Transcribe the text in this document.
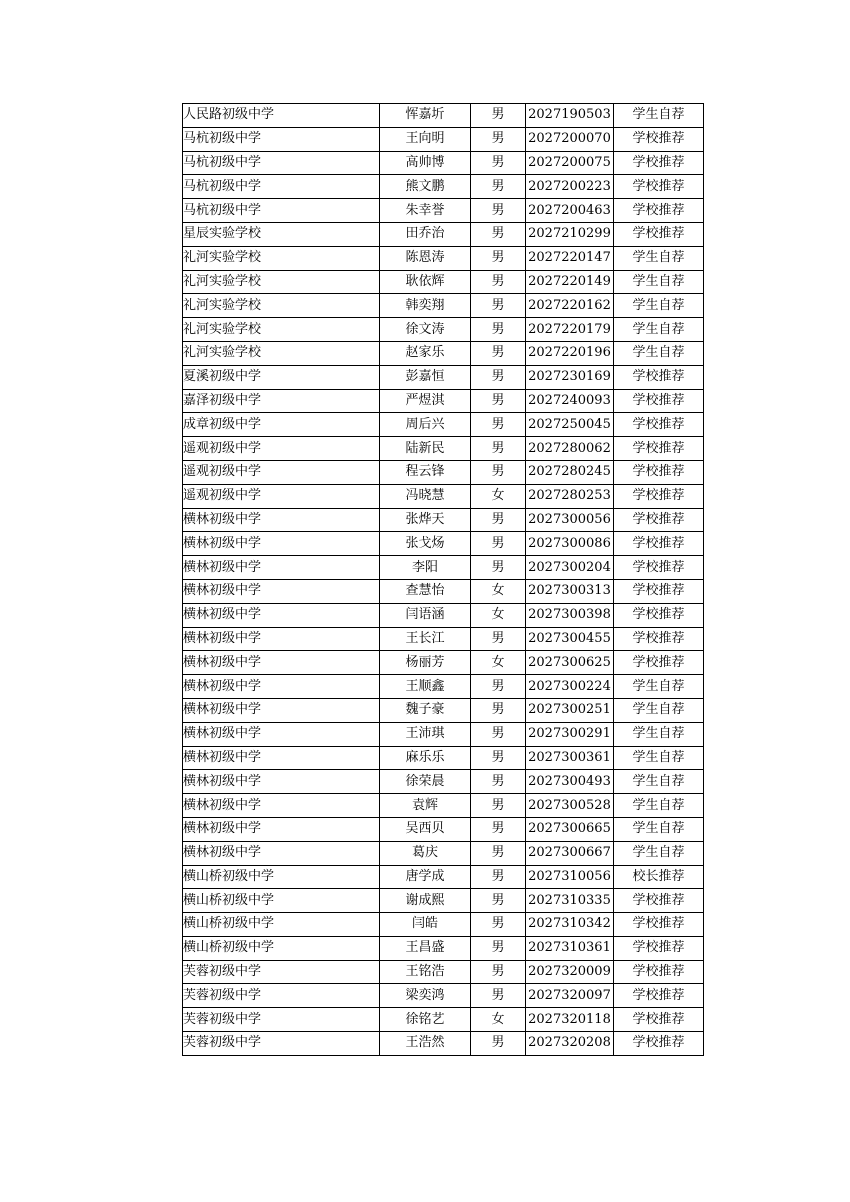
人民路初级中学	恽嘉圻	男	2027190503	学生自荐
马杭初级中学	王向明	男	2027200070	学校推荐
马杭初级中学	高帅博	男	2027200075	学校推荐
马杭初级中学	熊文鹏	男	2027200223	学校推荐
马杭初级中学	朱幸誉	男	2027200463	学校推荐
星辰实验学校	田乔治	男	2027210299	学校推荐
礼河实验学校	陈恩涛	男	2027220147	学生自荐
礼河实验学校	耿依辉	男	2027220149	学生自荐
礼河实验学校	韩奕翔	男	2027220162	学生自荐
礼河实验学校	徐文涛	男	2027220179	学生自荐
礼河实验学校	赵家乐	男	2027220196	学生自荐
夏溪初级中学	彭嘉恒	男	2027230169	学校推荐
嘉泽初级中学	严煜淇	男	2027240093	学校推荐
成章初级中学	周后兴	男	2027250045	学校推荐
遥观初级中学	陆新民	男	2027280062	学校推荐
遥观初级中学	程云锋	男	2027280245	学校推荐
遥观初级中学	冯晓慧	女	2027280253	学校推荐
横林初级中学	张烨天	男	2027300056	学校推荐
横林初级中学	张戈炀	男	2027300086	学校推荐
横林初级中学	李阳	男	2027300204	学校推荐
横林初级中学	查慧怡	女	2027300313	学校推荐
横林初级中学	闫语涵	女	2027300398	学校推荐
横林初级中学	王长江	男	2027300455	学校推荐
横林初级中学	杨丽芳	女	2027300625	学校推荐
横林初级中学	王顺鑫	男	2027300224	学生自荐
横林初级中学	魏子豪	男	2027300251	学生自荐
横林初级中学	王沛琪	男	2027300291	学生自荐
横林初级中学	麻乐乐	男	2027300361	学生自荐
横林初级中学	徐荣晨	男	2027300493	学生自荐
横林初级中学	袁辉	男	2027300528	学生自荐
横林初级中学	吴西贝	男	2027300665	学生自荐
横林初级中学	葛庆	男	2027300667	学生自荐
横山桥初级中学	唐学成	男	2027310056	校长推荐
横山桥初级中学	谢成熙	男	2027310335	学校推荐
横山桥初级中学	闫皓	男	2027310342	学校推荐
横山桥初级中学	王昌盛	男	2027310361	学校推荐
芙蓉初级中学	王铭浩	男	2027320009	学校推荐
芙蓉初级中学	梁奕鸿	男	2027320097	学校推荐
芙蓉初级中学	徐铭艺	女	2027320118	学校推荐
芙蓉初级中学	王浩然	男	2027320208	学校推荐
